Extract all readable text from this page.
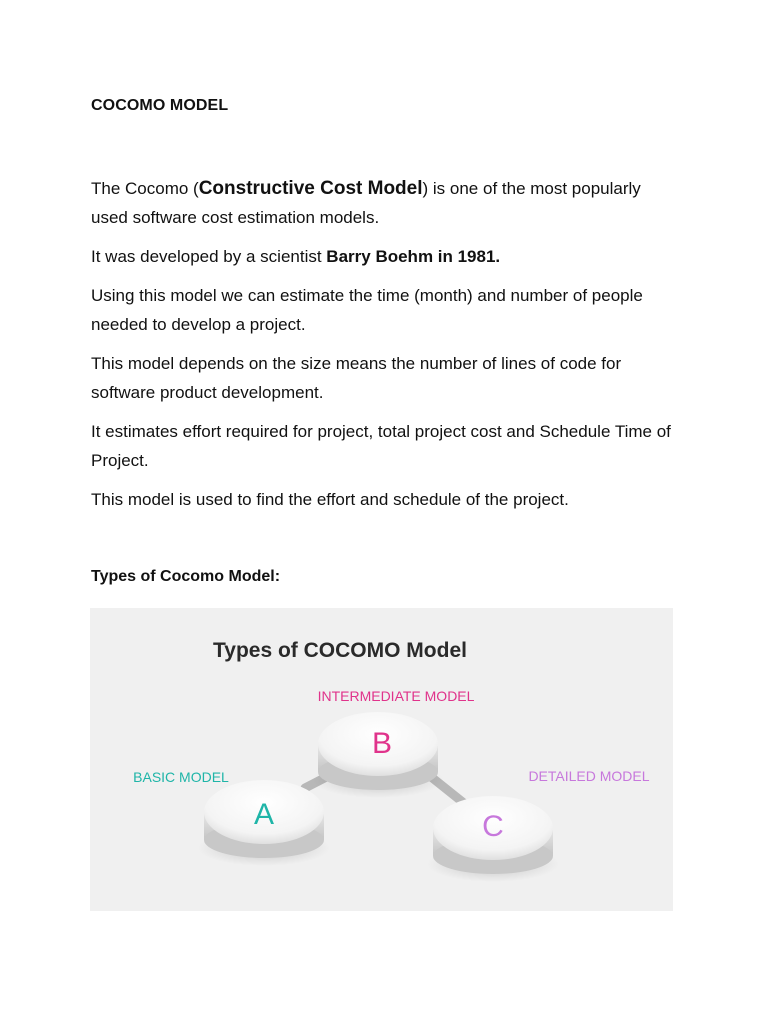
COCOMO MODEL

The Cocomo (Constructive Cost Model) is one of the most popularly used software cost estimation models.

It was developed by a scientist Barry Boehm in 1981.

Using this model we can estimate the time (month) and number of people needed to develop a project.

This model depends on the size means the number of lines of code for software product development.

It estimates effort required for project, total project cost and Schedule Time of Project.

This model is used to find the effort and schedule of the project.

Types of Cocomo Model:
Types of COCOMO Model
B
A	C
INTERMEDIATE MODEL
BASIC MODEL	DETAILED MODEL
